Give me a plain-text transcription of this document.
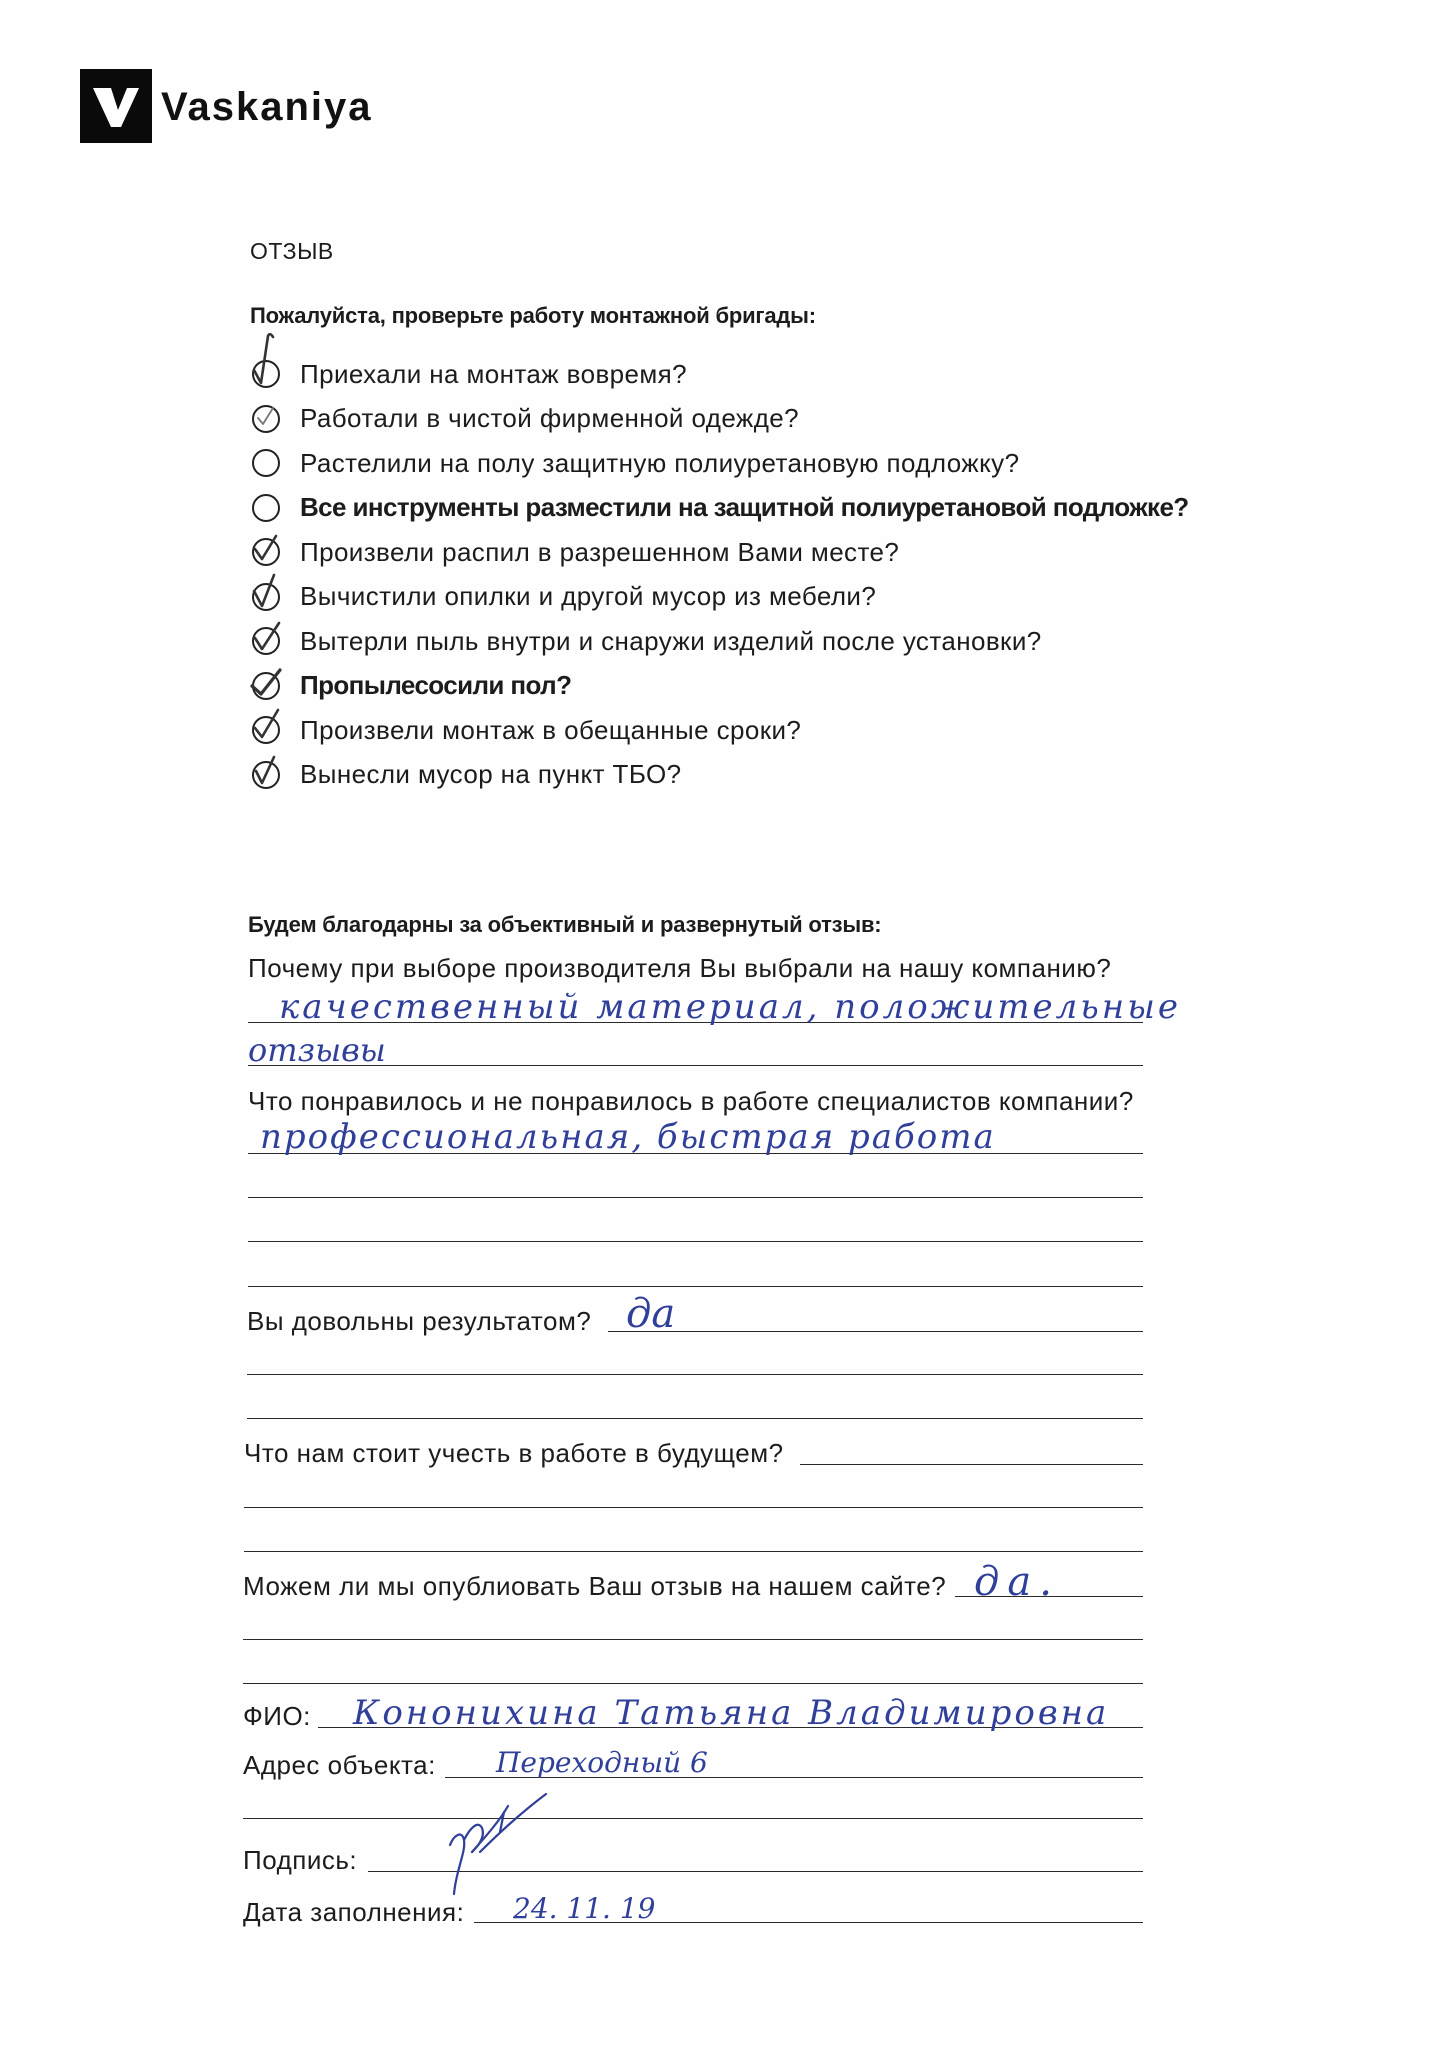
Vaskaniya
ОТЗЫВ
Пожалуйста, проверьте работу монтажной бригады:
Приехали на монтаж вовремя?
Работали в чистой фирменной одежде?
Растелили на полу защитную полиуретановую подложку?
Все инструменты разместили на защитной полиуретановой подложке?
Произвели распил в разрешенном Вами месте?
Вычистили опилки и другой мусор из мебели?
Вытерли пыль внутри и снаружи изделий после установки?
Пропылесосили пол?
Произвели монтаж в обещанные сроки?
Вынесли мусор на пункт ТБО?
Будем благодарны за объективный и развернутый отзыв:
Почему при выборе производителя Вы выбрали на нашу компанию?
качественный материал, положительные
отзывы
Что понравилось и не понравилось в работе специалистов компании?
профессиональная, быстрая работа
Вы довольны результатом? да
Что нам стоит учесть в работе в будущем?
Можем ли мы опублиовать Ваш отзыв на нашем сайте? да.
ФИО: Кононихина Татьяна Владимировна
Адрес объекта: Переходный 6
Подпись:
Дата заполнения: 24. 11. 19
